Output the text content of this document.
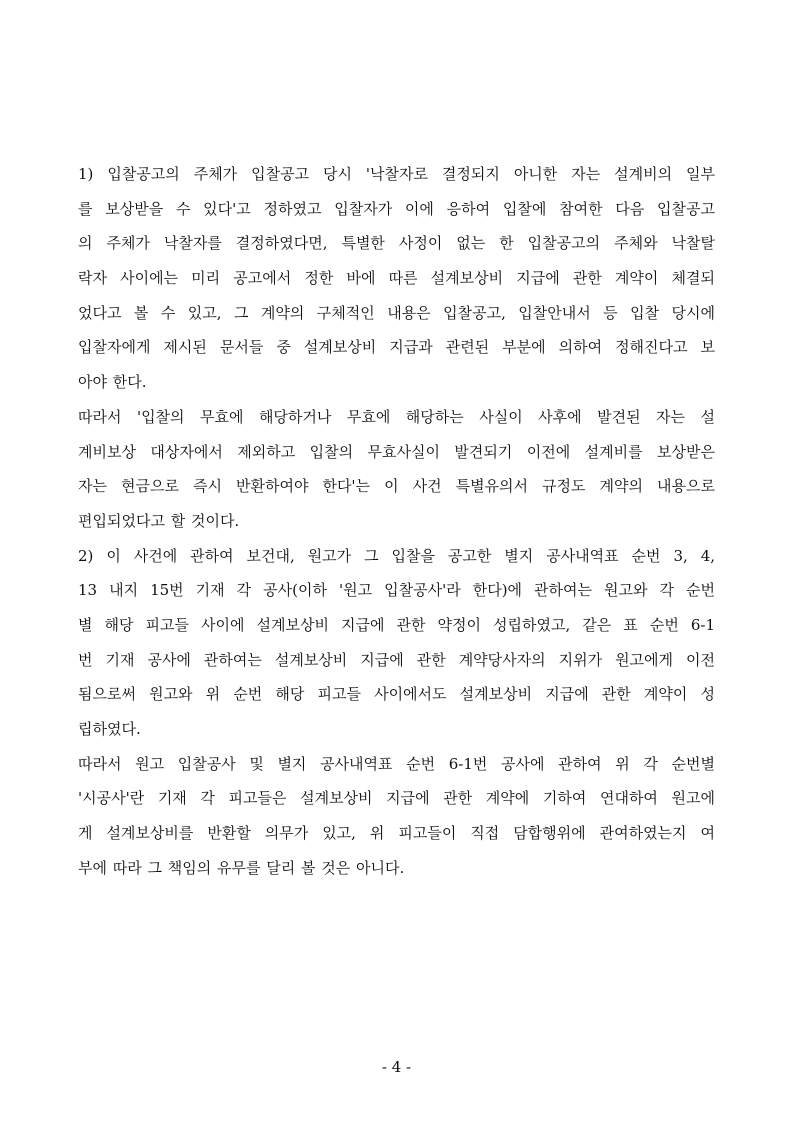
1) 입찰공고의 주체가 입찰공고 당시 '낙찰자로 결정되지 아니한 자는 설계비의 일부
를 보상받을 수 있다'고 정하였고 입찰자가 이에 응하여 입찰에 참여한 다음 입찰공고
의 주체가 낙찰자를 결정하였다면, 특별한 사정이 없는 한 입찰공고의 주체와 낙찰탈
락자 사이에는 미리 공고에서 정한 바에 따른 설계보상비 지급에 관한 계약이 체결되
었다고 볼 수 있고, 그 계약의 구체적인 내용은 입찰공고, 입찰안내서 등 입찰 당시에
입찰자에게 제시된 문서들 중 설계보상비 지급과 관련된 부분에 의하여 정해진다고 보
아야 한다.
따라서 '입찰의 무효에 해당하거나 무효에 해당하는 사실이 사후에 발견된 자는 설
계비보상 대상자에서 제외하고 입찰의 무효사실이 발견되기 이전에 설계비를 보상받은
자는 현금으로 즉시 반환하여야 한다'는 이 사건 특별유의서 규정도 계약의 내용으로
편입되었다고 할 것이다.
2) 이 사건에 관하여 보건대, 원고가 그 입찰을 공고한 별지 공사내역표 순번 3, 4,
13 내지 15번 기재 각 공사(이하 '원고 입찰공사'라 한다)에 관하여는 원고와 각 순번
별 해당 피고들 사이에 설계보상비 지급에 관한 약정이 성립하였고, 같은 표 순번 6-1
번 기재 공사에 관하여는 설계보상비 지급에 관한 계약당사자의 지위가 원고에게 이전
됨으로써 원고와 위 순번 해당 피고들 사이에서도 설계보상비 지급에 관한 계약이 성
립하였다.
따라서 원고 입찰공사 및 별지 공사내역표 순번 6-1번 공사에 관하여 위 각 순번별
'시공사'란 기재 각 피고들은 설계보상비 지급에 관한 계약에 기하여 연대하여 원고에
게 설계보상비를 반환할 의무가 있고, 위 피고들이 직접 담합행위에 관여하였는지 여
부에 따라 그 책임의 유무를 달리 볼 것은 아니다.
- 4 -
